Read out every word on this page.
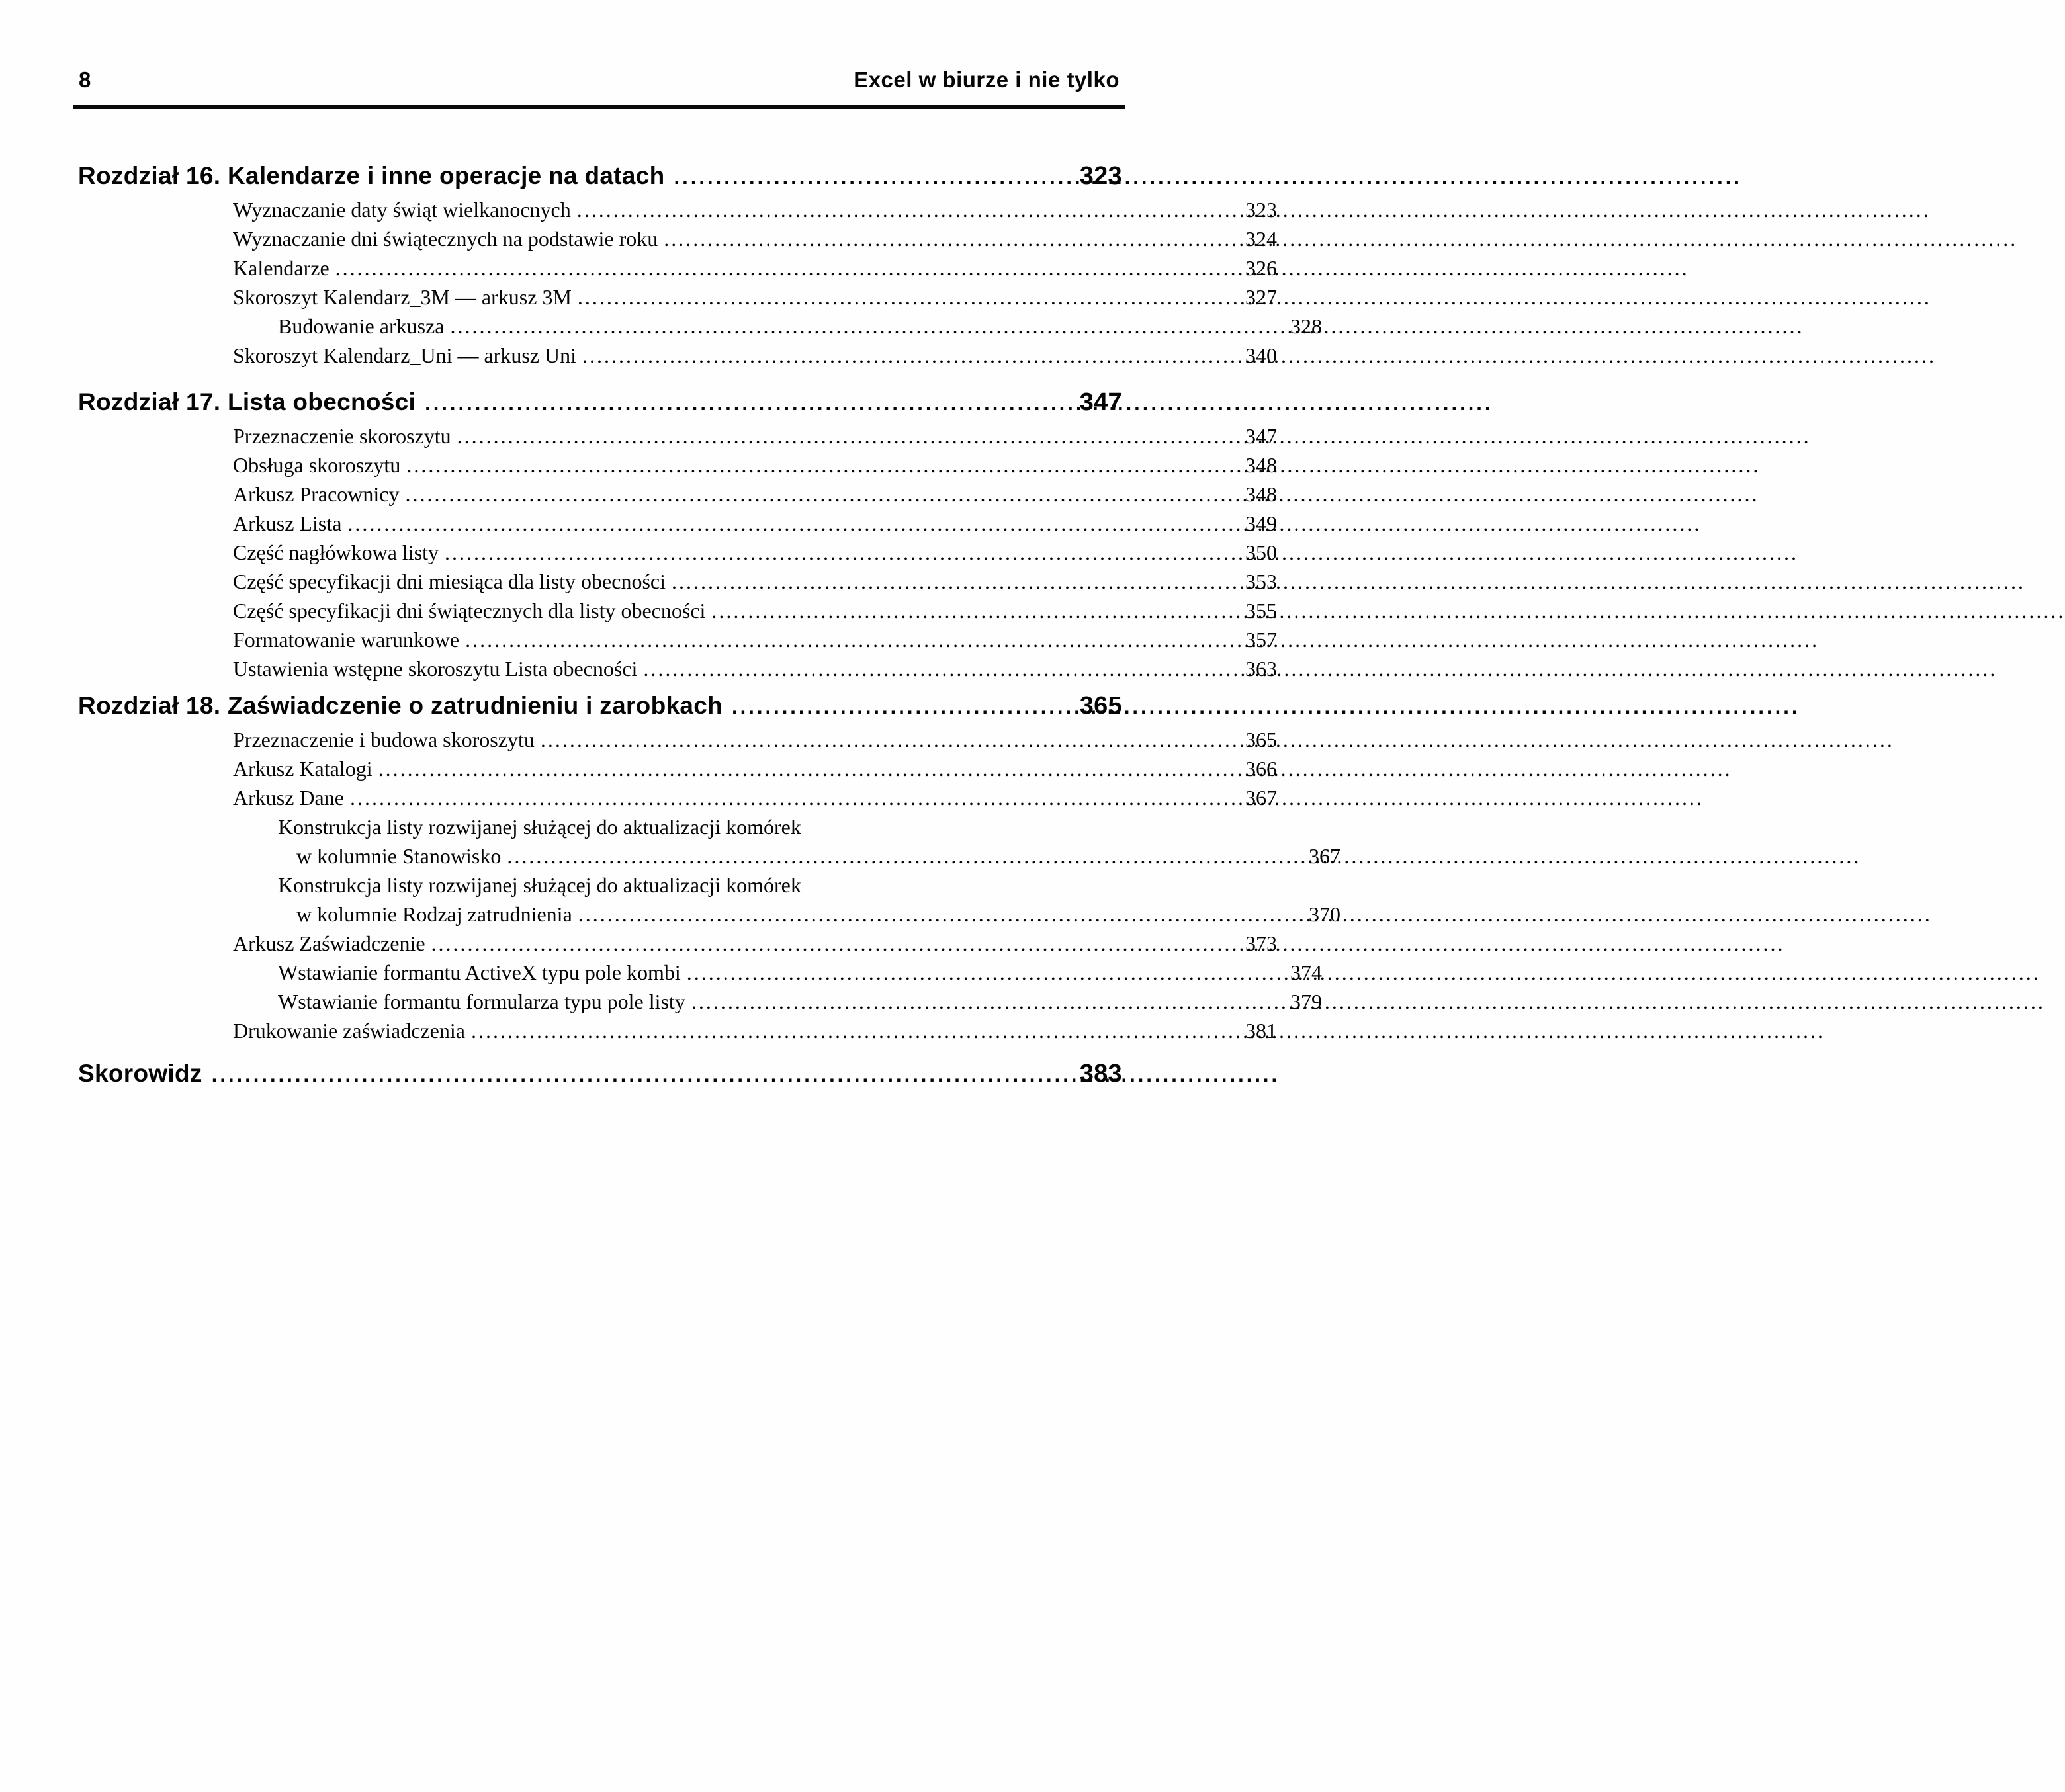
8	Excel w biurze i nie tylko
Rozdział 16. Kalendarze i inne operacje na datach .....	323
Wyznaczanie daty świąt wielkanocnych .....	323
Wyznaczanie dni świątecznych na podstawie roku .....	324
Kalendarze .....	326
Skoroszyt Kalendarz_3M — arkusz 3M .....	327
Budowanie arkusza .....	328
Skoroszyt Kalendarz_Uni — arkusz Uni .....	340
Rozdział 17. Lista obecności .....	347
Przeznaczenie skoroszytu .....	347
Obsługa skoroszytu .....	348
Arkusz Pracownicy .....	348
Arkusz Lista .....	349
Część nagłówkowa listy .....	350
Część specyfikacji dni miesiąca dla listy obecności .....	353
Część specyfikacji dni świątecznych dla listy obecności .....	355
Formatowanie warunkowe .....	357
Ustawienia wstępne skoroszytu Lista obecności .....	363
Rozdział 18. Zaświadczenie o zatrudnieniu i zarobkach .....	365
Przeznaczenie i budowa skoroszytu .....	365
Arkusz Katalogi .....	366
Arkusz Dane .....	367
Konstrukcja listy rozwijanej służącej do aktualizacji komórek
w kolumnie Stanowisko .....	367
Konstrukcja listy rozwijanej służącej do aktualizacji komórek
w kolumnie Rodzaj zatrudnienia .....	370
Arkusz Zaświadczenie .....	373
Wstawianie formantu ActiveX typu pole kombi .....	374
Wstawianie formantu formularza typu pole listy .....	379
Drukowanie zaświadczenia .....	381
Skorowidz .....	383
